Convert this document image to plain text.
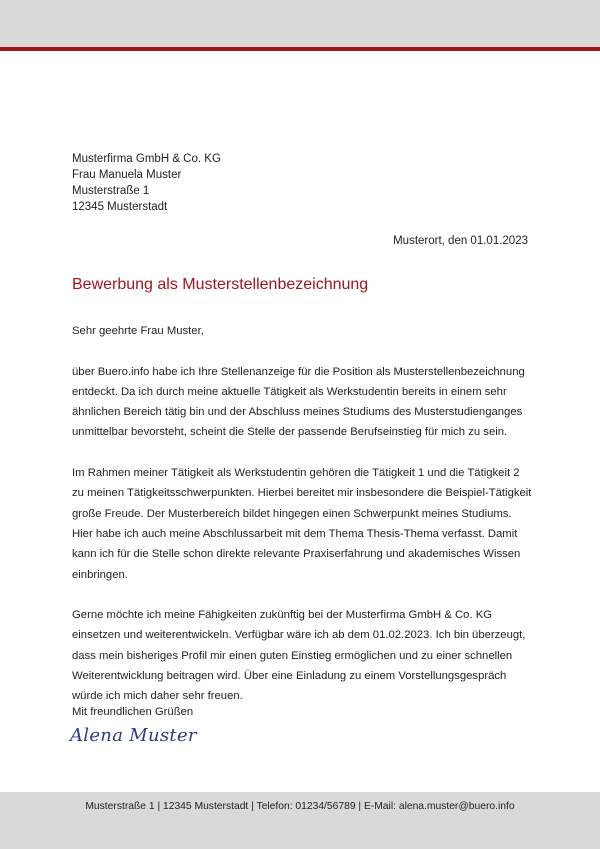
Musterfirma GmbH & Co. KG
Frau Manuela Muster
Musterstraße 1
12345 Musterstadt
Musterort, den 01.01.2023
Bewerbung als Musterstellenbezeichnung

Sehr geehrte Frau Muster,

über Buero.info habe ich Ihre Stellenanzeige für die Position als Musterstellenbezeichnung entdeckt. Da ich durch meine aktuelle Tätigkeit als Werkstudentin bereits in einem sehr ähnlichen Bereich tätig bin und der Abschluss meines Studiums des Musterstudienganges unmittelbar bevorsteht, scheint die Stelle der passende Berufseinstieg für mich zu sein.

Im Rahmen meiner Tätigkeit als Werkstudentin gehören die Tätigkeit 1 und die Tätigkeit 2 zu meinen Tätigkeitsschwerpunkten. Hierbei bereitet mir insbesondere die Beispiel-Tätigkeit große Freude. Der Musterbereich bildet hingegen einen Schwerpunkt meines Studiums. Hier habe ich auch meine Abschlussarbeit mit dem Thema Thesis-Thema verfasst. Damit kann ich für die Stelle schon direkte relevante Praxiserfahrung und akademisches Wissen einbringen.

Gerne möchte ich meine Fähigkeiten zukünftig bei der Musterfirma GmbH & Co. KG einsetzen und weiterentwickeln. Verfügbar wäre ich ab dem 01.02.2023. Ich bin überzeugt, dass mein bisheriges Profil mir einen guten Einstieg ermöglichen und zu einer schnellen Weiterentwicklung beitragen wird. Über eine Einladung zu einem Vorstellungsgespräch würde ich mich daher sehr freuen.

Mit freundlichen Grüßen
Alena Muster
Musterstraße 1 | 12345 Musterstadt | Telefon: 01234/56789 | E-Mail: alena.muster@buero.info
